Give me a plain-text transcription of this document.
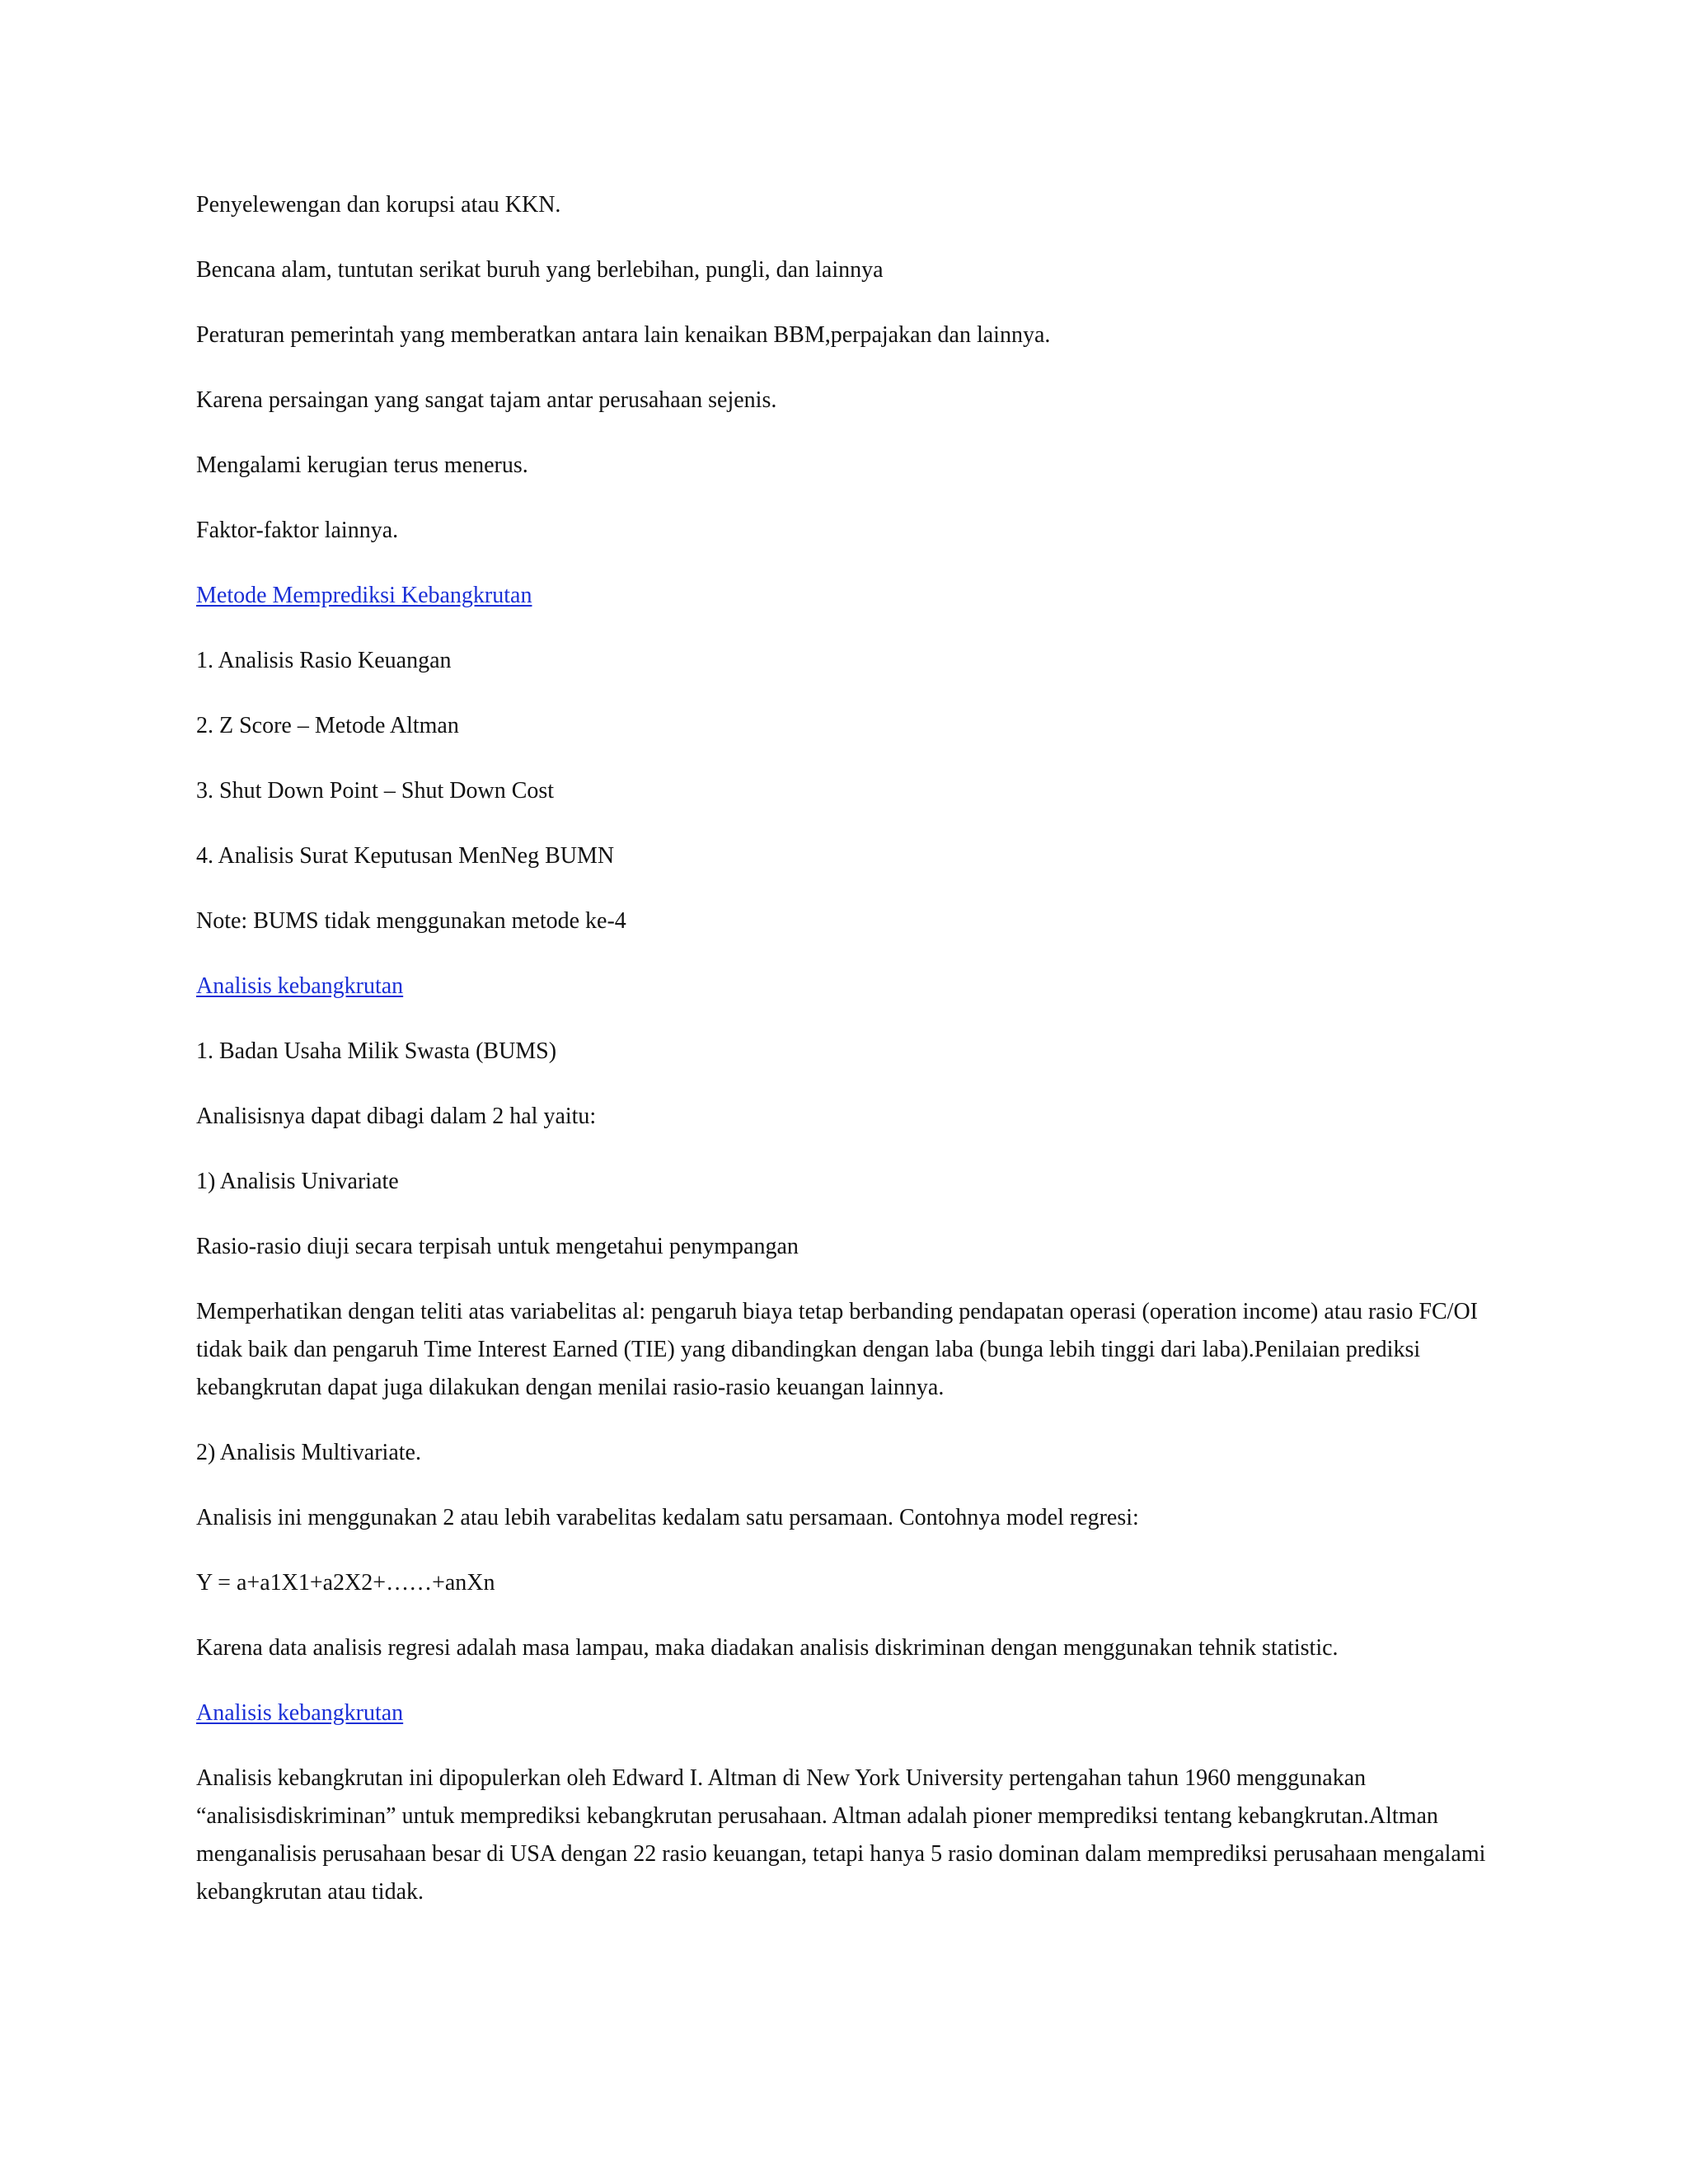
Penyelewengan dan korupsi atau KKN.

Bencana alam, tuntutan serikat buruh yang berlebihan, pungli, dan lainnya

Peraturan pemerintah yang memberatkan antara lain kenaikan BBM,perpajakan dan lainnya.

Karena persaingan yang sangat tajam antar perusahaan sejenis.

Mengalami kerugian terus menerus.

Faktor-faktor lainnya.

Metode Memprediksi Kebangkrutan

1. Analisis Rasio Keuangan

2. Z Score – Metode Altman

3. Shut Down Point – Shut Down Cost

4. Analisis Surat Keputusan MenNeg BUMN

Note: BUMS tidak menggunakan metode ke-4

Analisis kebangkrutan

1. Badan Usaha Milik Swasta (BUMS)

Analisisnya dapat dibagi dalam 2 hal yaitu:

1) Analisis Univariate

Rasio-rasio diuji secara terpisah untuk mengetahui penympangan

Memperhatikan dengan teliti atas variabelitas al: pengaruh biaya tetap berbanding pendapatan operasi (operation income) atau rasio FC/OI tidak baik dan pengaruh Time Interest Earned (TIE) yang dibandingkan dengan laba (bunga lebih tinggi dari laba).Penilaian prediksi kebangkrutan dapat juga dilakukan dengan menilai rasio-rasio keuangan lainnya.

2) Analisis Multivariate.

Analisis ini menggunakan 2 atau lebih varabelitas kedalam satu persamaan. Contohnya model regresi:

Y = a+a1X1+a2X2+……+anXn

Karena data analisis regresi adalah masa lampau, maka diadakan analisis diskriminan dengan menggunakan tehnik statistic.

Analisis kebangkrutan

Analisis kebangkrutan ini dipopulerkan oleh Edward I. Altman di New York University pertengahan tahun 1960 menggunakan “analisisdiskriminan” untuk memprediksi kebangkrutan perusahaan. Altman adalah pioner memprediksi tentang kebangkrutan.Altman menganalisis perusahaan besar di USA dengan 22 rasio keuangan, tetapi hanya 5 rasio dominan dalam memprediksi perusahaan mengalami kebangkrutan atau tidak.
